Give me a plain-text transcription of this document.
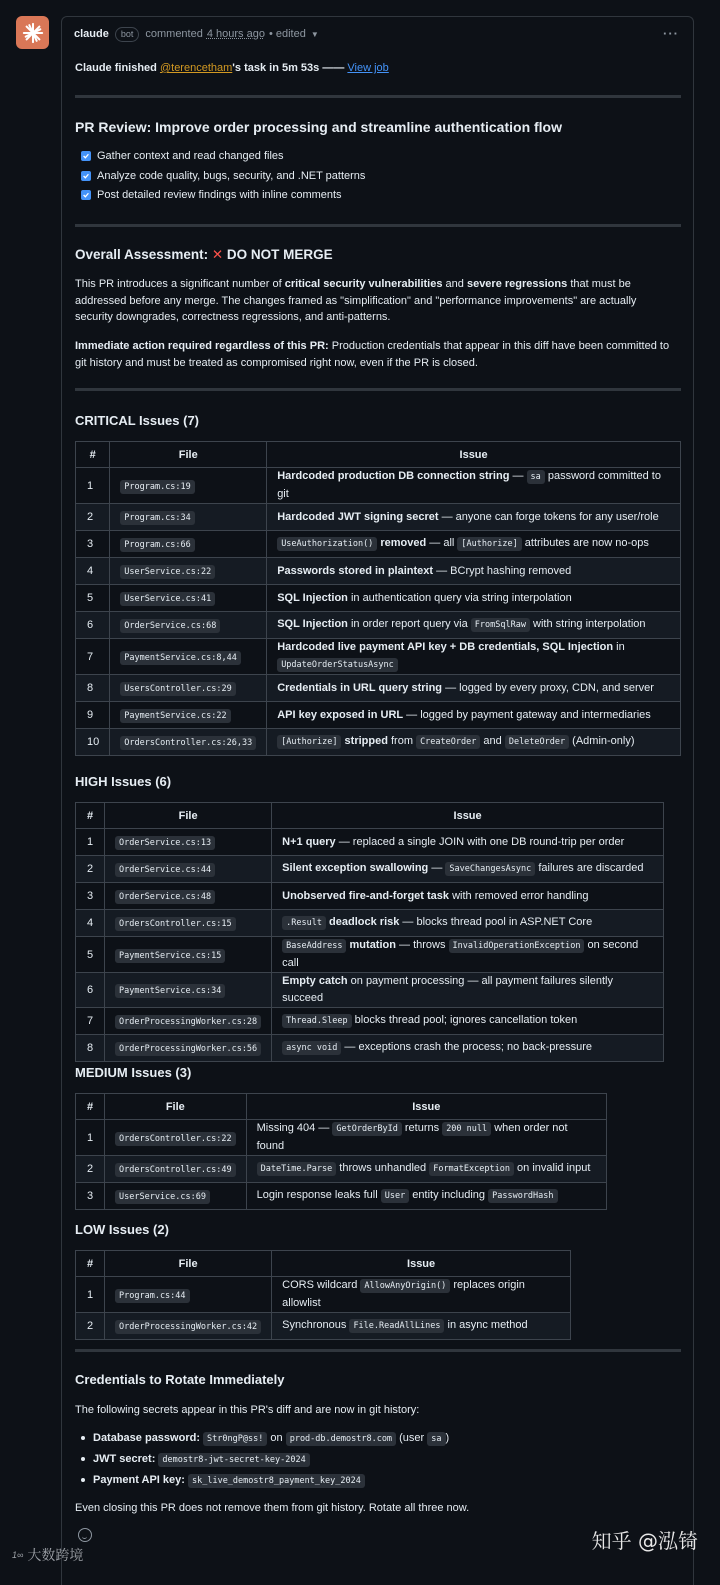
claude	bot	commented 4 hours ago • edited ▼	···
Claude finished @terencetham's task in 5m 53s —— View job
PR Review: Improve order processing and streamline authentication flow
Gather context and read changed files
Analyze code quality, bugs, security, and .NET patterns
Post detailed review findings with inline comments
Overall Assessment: ✕ DO NOT MERGE

This PR introduces a significant number of critical security vulnerabilities and severe regressions that must be addressed before any merge. The changes framed as "simplification" and "performance improvements" are actually security downgrades, correctness regressions, and anti-patterns.

Immediate action required regardless of this PR: Production credentials that appear in this diff have been committed to git history and must be treated as compromised right now, even if the PR is closed.

CRITICAL Issues (7)
#	File	Issue
1	Program.cs:19	Hardcoded production DB connection string — sa password committed to git
2	Program.cs:34	Hardcoded JWT signing secret — anyone can forge tokens for any user/role
3	Program.cs:66	UseAuthorization() removed — all [Authorize] attributes are now no-ops
4	UserService.cs:22	Passwords stored in plaintext — BCrypt hashing removed
5	UserService.cs:41	SQL Injection in authentication query via string interpolation
6	OrderService.cs:68	SQL Injection in order report query via FromSqlRaw with string interpolation
7	PaymentService.cs:8,44	Hardcoded live payment API key + DB credentials, SQL Injection in UpdateOrderStatusAsync
8	UsersController.cs:29	Credentials in URL query string — logged by every proxy, CDN, and server
9	PaymentService.cs:22	API key exposed in URL — logged by payment gateway and intermediaries
10	OrdersController.cs:26,33	[Authorize] stripped from CreateOrder and DeleteOrder (Admin-only)
HIGH Issues (6)
#	File	Issue
1	OrderService.cs:13	N+1 query — replaced a single JOIN with one DB round-trip per order
2	OrderService.cs:44	Silent exception swallowing — SaveChangesAsync failures are discarded
3	OrderService.cs:48	Unobserved fire-and-forget task with removed error handling
4	OrdersController.cs:15	.Result deadlock risk — blocks thread pool in ASP.NET Core
5	PaymentService.cs:15	BaseAddress mutation — throws InvalidOperationException on second call
6	PaymentService.cs:34	Empty catch on payment processing — all payment failures silently succeed
7	OrderProcessingWorker.cs:28	Thread.Sleep blocks thread pool; ignores cancellation token
8	OrderProcessingWorker.cs:56	async void — exceptions crash the process; no back-pressure
MEDIUM Issues (3)
#	File	Issue
1	OrdersController.cs:22	Missing 404 — GetOrderById returns 200 null when order not found
2	OrdersController.cs:49	DateTime.Parse throws unhandled FormatException on invalid input
3	UserService.cs:69	Login response leaks full User entity including PasswordHash
LOW Issues (2)
#	File	Issue
1	Program.cs:44	CORS wildcard AllowAnyOrigin() replaces origin allowlist
2	OrderProcessingWorker.cs:42	Synchronous File.ReadAllLines in async method
Credentials to Rotate Immediately

The following secrets appear in this PR's diff and are now in git history:

Database password: Str0ngP@ss! on prod-db.demostr8.com (user sa )
JWT secret: demostr8-jwt-secret-key-2024
Payment API key: sk_live_demostr8_payment_key_2024

Even closing this PR does not remove them from git history. Rotate all three now.

1∞ 大数跨境
知乎 @泓锜
